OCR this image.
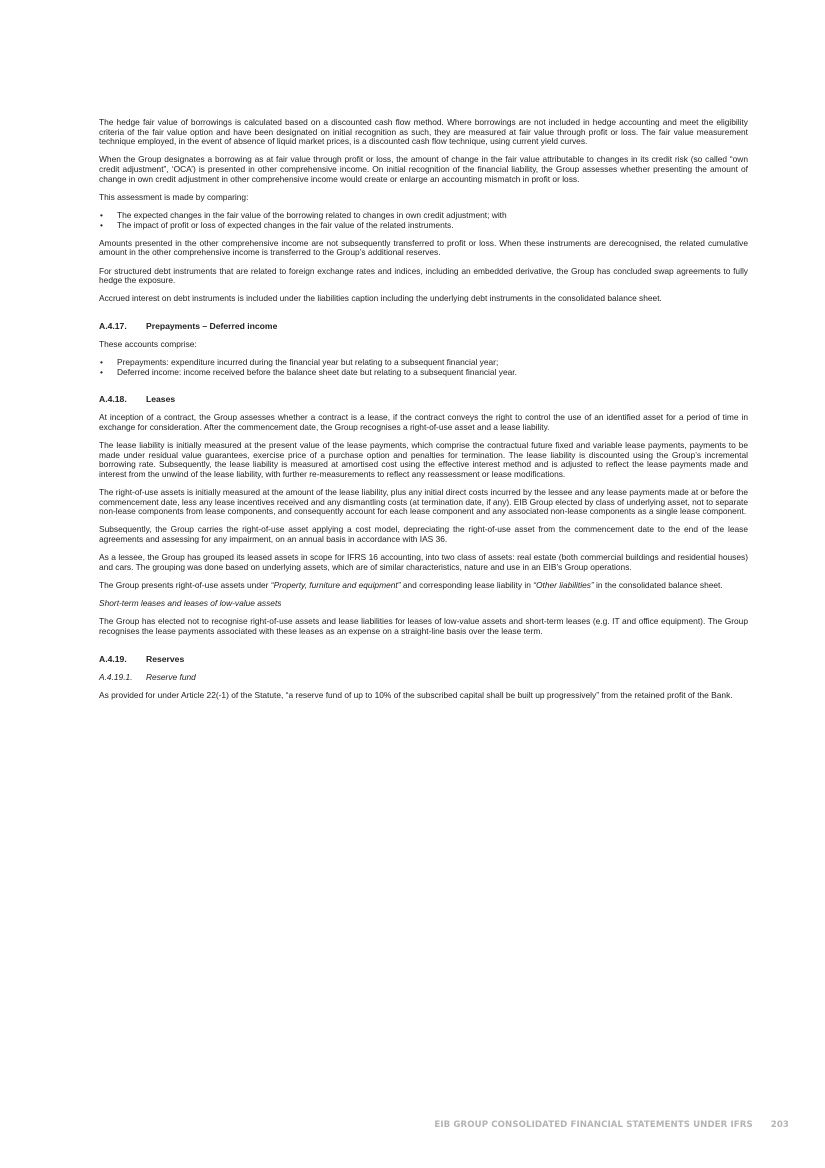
The hedge fair value of borrowings is calculated based on a discounted cash flow method. Where borrowings are not included in hedge accounting and meet the eligibility criteria of the fair value option and have been designated on initial recognition as such, they are measured at fair value through profit or loss. The fair value measurement technique employed, in the event of absence of liquid market prices, is a discounted cash flow technique, using current yield curves.

When the Group designates a borrowing as at fair value through profit or loss, the amount of change in the fair value attributable to changes in its credit risk (so called “own credit adjustment”, ‘OCA’) is presented in other comprehensive income. On initial recognition of the financial liability, the Group assesses whether presenting the amount of change in own credit adjustment in other comprehensive income would create or enlarge an accounting mismatch in profit or loss.

This assessment is made by comparing:

• The expected changes in the fair value of the borrowing related to changes in own credit adjustment; with
• The impact of profit or loss of expected changes in the fair value of the related instruments.

Amounts presented in the other comprehensive income are not subsequently transferred to profit or loss. When these instruments are derecognised, the related cumulative amount in the other comprehensive income is transferred to the Group’s additional reserves.

For structured debt instruments that are related to foreign exchange rates and indices, including an embedded derivative, the Group has concluded swap agreements to fully hedge the exposure.

Accrued interest on debt instruments is included under the liabilities caption including the underlying debt instruments in the consolidated balance sheet.

A.4.17.	Prepayments – Deferred income

These accounts comprise:

• Prepayments: expenditure incurred during the financial year but relating to a subsequent financial year;
• Deferred income: income received before the balance sheet date but relating to a subsequent financial year.
A.4.18.	Leases

At inception of a contract, the Group assesses whether a contract is a lease, if the contract conveys the right to control the use of an identified asset for a period of time in exchange for consideration. After the commencement date, the Group recognises a right-of-use asset and a lease liability.

The lease liability is initially measured at the present value of the lease payments, which comprise the contractual future fixed and variable lease payments, payments to be made under residual value guarantees, exercise price of a purchase option and penalties for termination. The lease liability is discounted using the Group’s incremental borrowing rate. Subsequently, the lease liability is measured at amortised cost using the effective interest method and is adjusted to reflect the lease payments made and interest from the unwind of the lease liability, with further re-measurements to reflect any reassessment or lease modifications.

The right-of-use assets is initially measured at the amount of the lease liability, plus any initial direct costs incurred by the lessee and any lease payments made at or before the commencement date, less any lease incentives received and any dismantling costs (at termination date, if any). EIB Group elected by class of underlying asset, not to separate non-lease components from lease components, and consequently account for each lease component and any associated non-lease components as a single lease component.

Subsequently, the Group carries the right-of-use asset applying a cost model, depreciating the right-of-use asset from the commencement date to the end of the lease agreements and assessing for any impairment, on an annual basis in accordance with IAS 36.

As a lessee, the Group has grouped its leased assets in scope for IFRS 16 accounting, into two class of assets: real estate (both commercial buildings and residential houses) and cars. The grouping was done based on underlying assets, which are of similar characteristics, nature and use in an EIB’s Group operations.

The Group presents right-of-use assets under “Property, furniture and equipment” and corresponding lease liability in “Other liabilities” in the consolidated balance sheet.

Short-term leases and leases of low-value assets

The Group has elected not to recognise right-of-use assets and lease liabilities for leases of low-value assets and short-term leases (e.g. IT and office equipment). The Group recognises the lease payments associated with these leases as an expense on a straight-line basis over the lease term.

A.4.19.	Reserves
A.4.19.1. Reserve fund

As provided for under Article 22(-1) of the Statute, “a reserve fund of up to 10% of the subscribed capital shall be built up progressively” from the retained profit of the Bank.

EIB GROUP CONSOLIDATED FINANCIAL STATEMENTS UNDER IFRS 203
